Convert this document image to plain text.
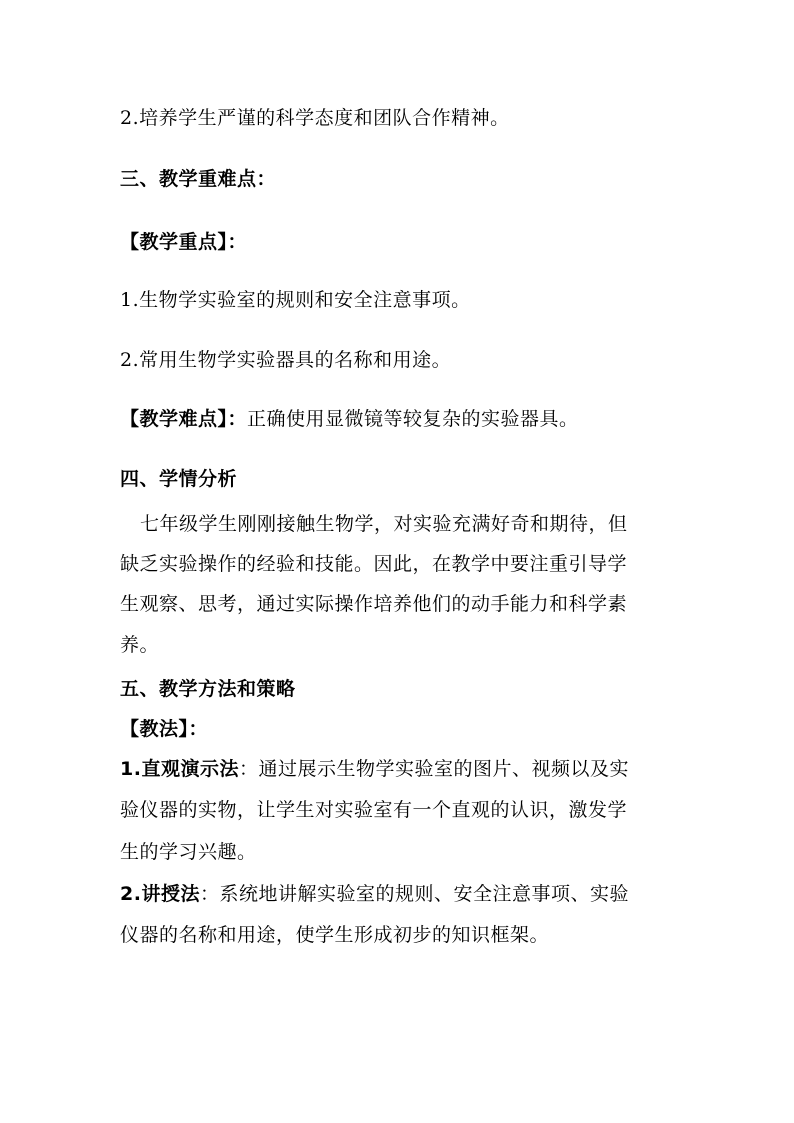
2.培养学生严谨的科学态度和团队合作精神。
三、教学重难点：
【教学重点】：
1.生物学实验室的规则和安全注意事项。
2.常用生物学实验器具的名称和用途。
【教学难点】：正确使用显微镜等较复杂的实验器具。
四、学情分析
七年级学生刚刚接触生物学，对实验充满好奇和期待，但
缺乏实验操作的经验和技能。因此，在教学中要注重引导学
生观察、思考，通过实际操作培养他们的动手能力和科学素
养。
五、教学方法和策略
【教法】：
1.直观演示法：通过展示生物学实验室的图片、视频以及实
验仪器的实物，让学生对实验室有一个直观的认识，激发学
生的学习兴趣。
2.讲授法：系统地讲解实验室的规则、安全注意事项、实验
仪器的名称和用途，使学生形成初步的知识框架。
